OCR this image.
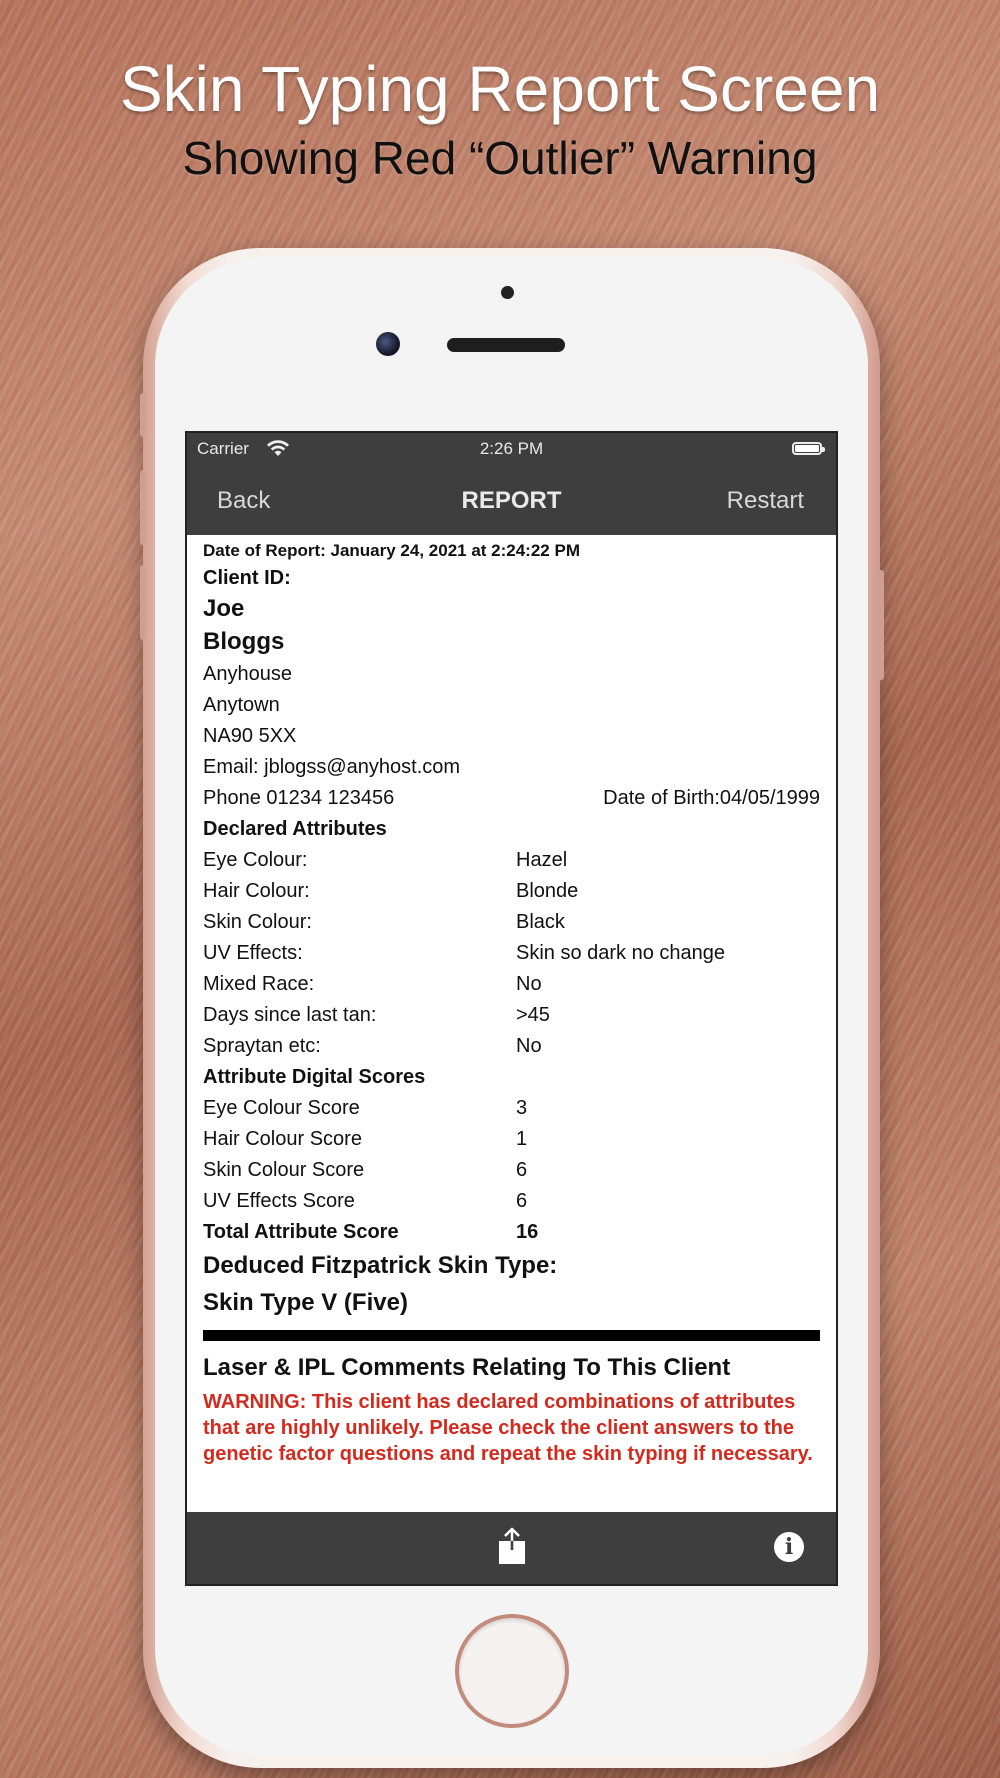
Skin Typing Report Screen
Showing Red “Outlier” Warning
Carrier	2:26 PM
Back	REPORT	Restart
Date of Report: January 24, 2021 at 2:24:22 PM
Client ID:
Joe
Bloggs
Anyhouse
Anytown
NA90 5XX
Email: jblogss@anyhost.com
Phone 01234 123456	Date of Birth:04/05/1999
Declared Attributes
Eye Colour:	Hazel
Hair Colour:	Blonde
Skin Colour:	Black
UV Effects:	Skin so dark no change
Mixed Race:	No
Days since last tan:	>45
Spraytan etc:	No
Attribute Digital Scores
Eye Colour Score	3
Hair Colour Score	1
Skin Colour Score	6
UV Effects Score	6
Total Attribute Score	16
Deduced Fitzpatrick Skin Type:
Skin Type V (Five)
Laser & IPL Comments Relating To This Client
WARNING: This client has declared combinations of attributes that are highly unlikely. Please check the client answers to the genetic factor questions and repeat the skin typing if necessary.
i
